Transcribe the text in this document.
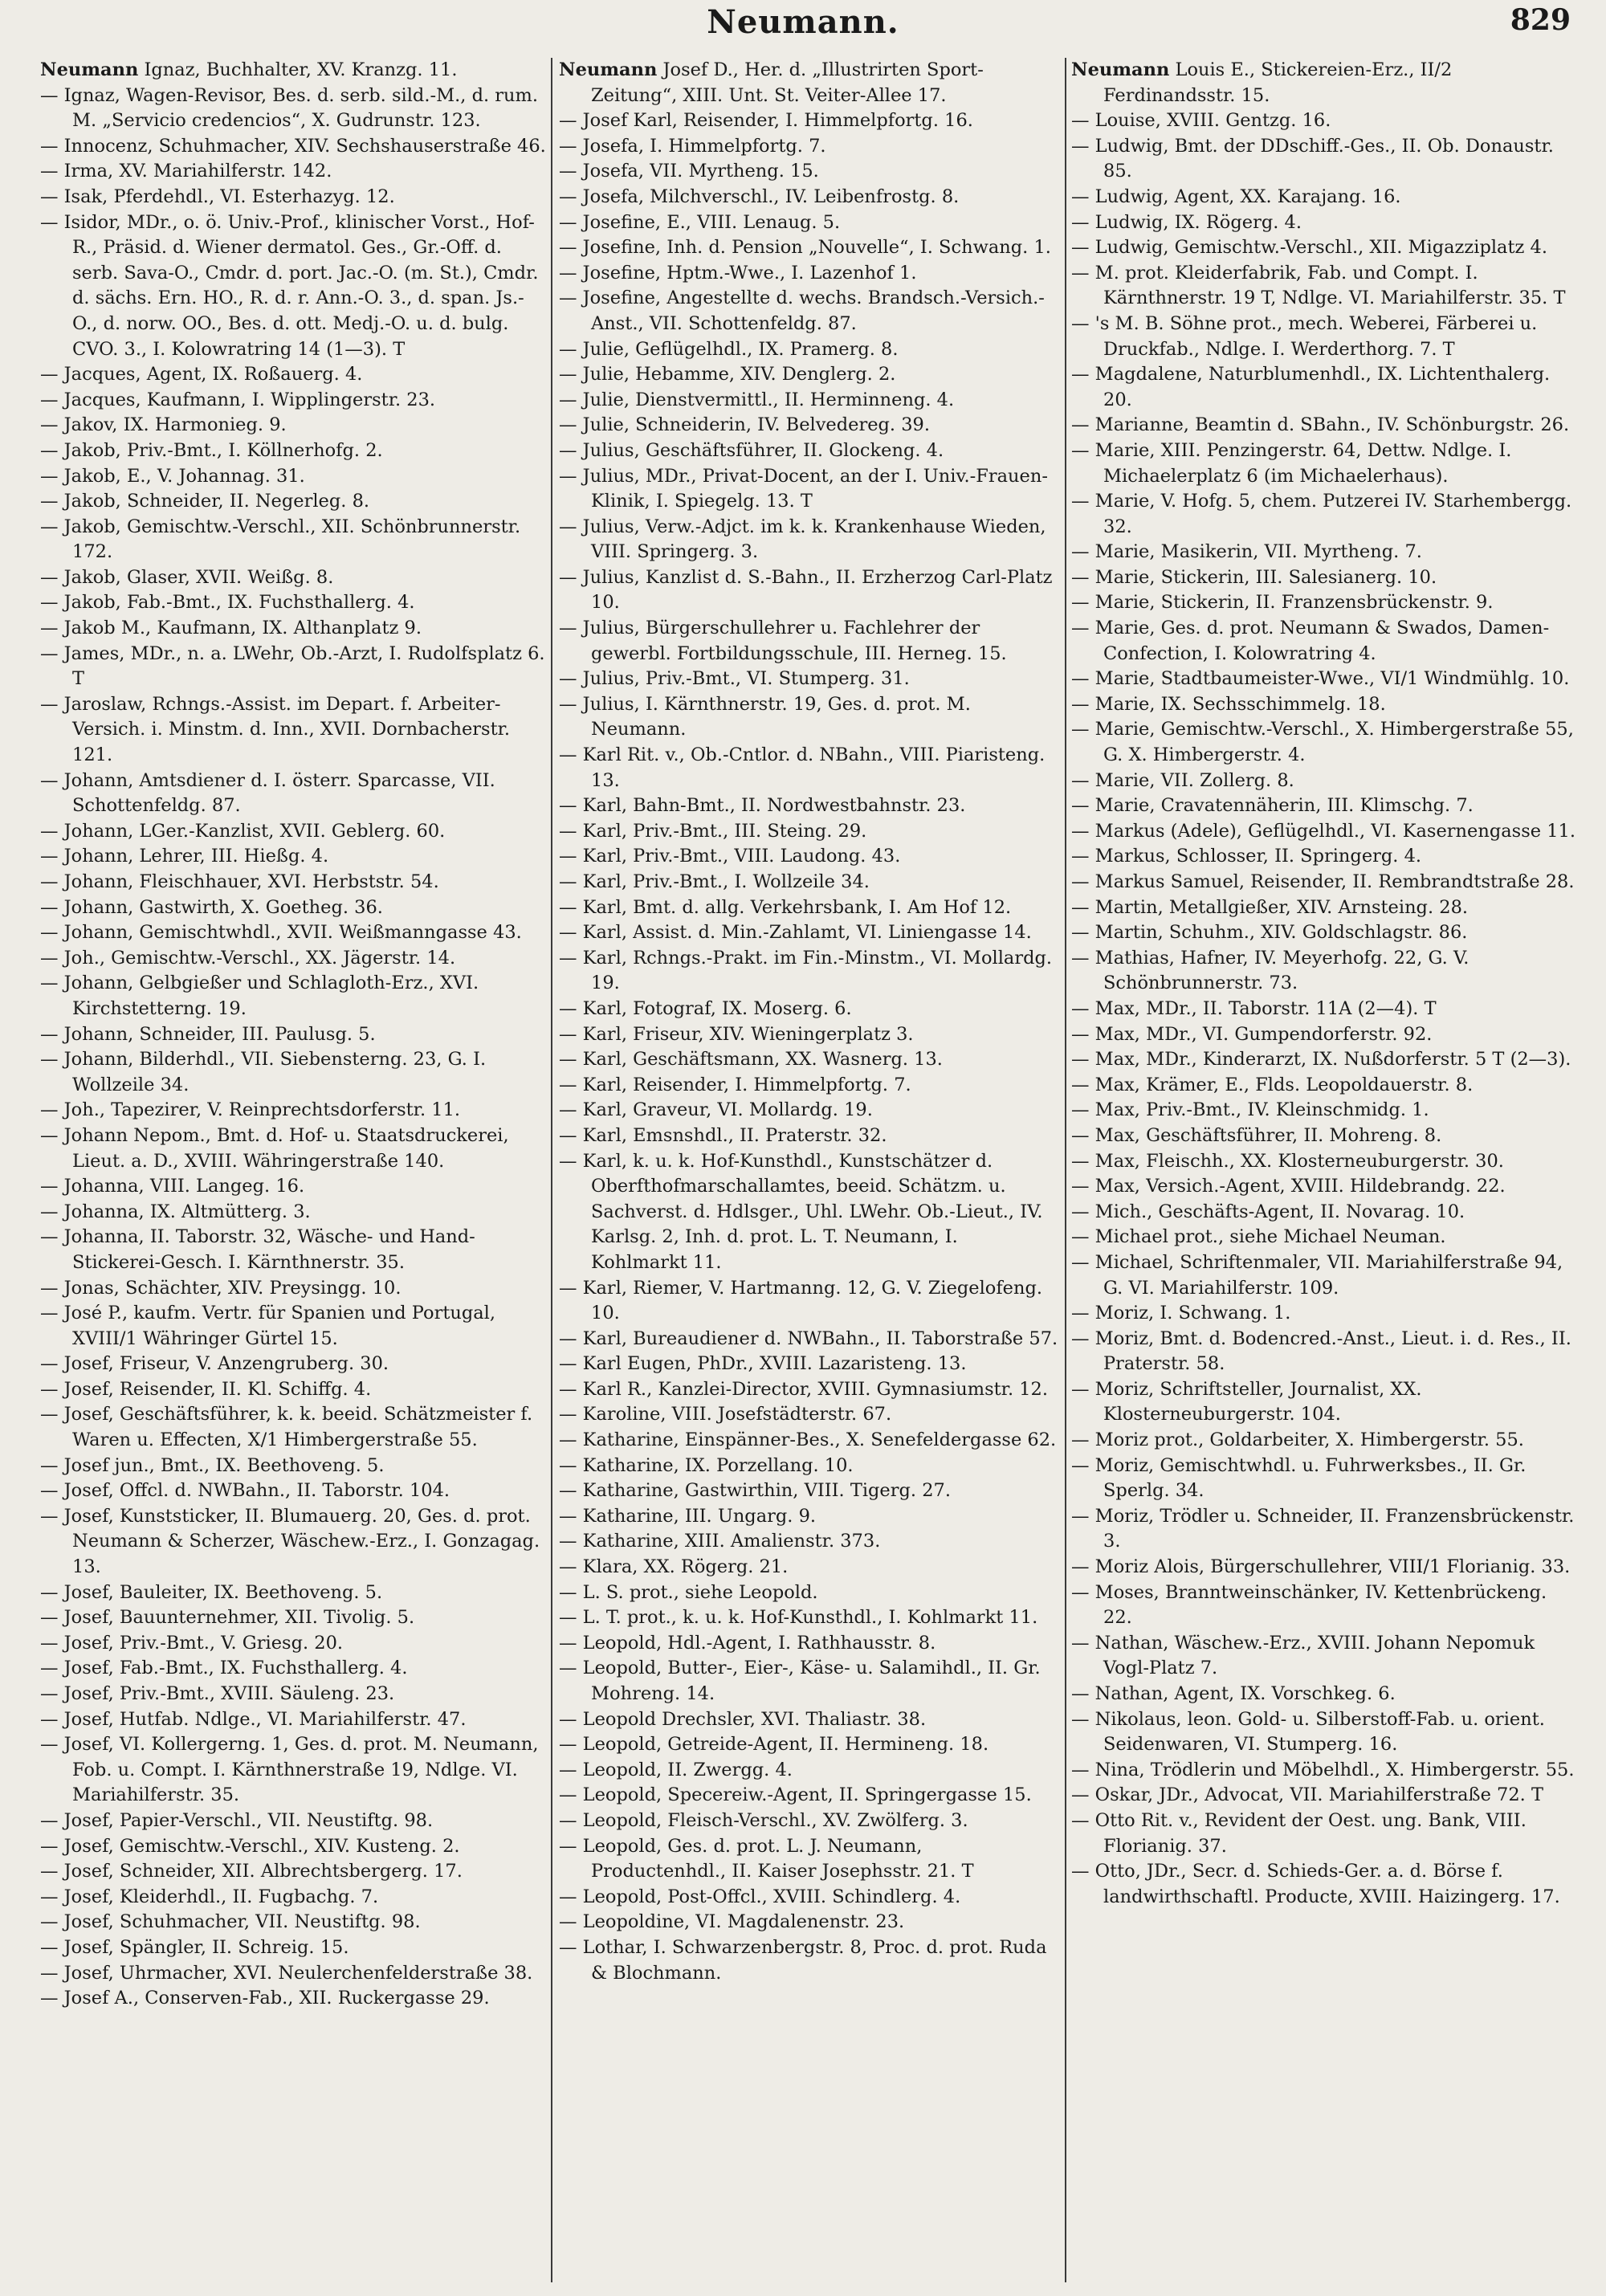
Neumann.	829
Neumann Ignaz, Buchhalter, XV. Kranzg. 11.
— Ignaz, Wagen-Revisor, Bes. d. serb. sild.-M., d. rum. M. „Servicio credencios“, X. Gudrunstr. 123.
— Innocenz, Schuhmacher, XIV. Sechshauserstraße 46.
— Irma, XV. Mariahilferstr. 142.
— Isak, Pferdehdl., VI. Esterhazyg. 12.
— Isidor, MDr., o. ö. Univ.-Prof., klinischer Vorst., Hof-R., Präsid. d. Wiener dermatol. Ges., Gr.-Off. d. serb. Sava-O., Cmdr. d. port. Jac.-O. (m. St.), Cmdr. d. sächs. Ern. HO., R. d. r. Ann.-O. 3., d. span. Js.-O., d. norw. OO., Bes. d. ott. Medj.-O. u. d. bulg. CVO. 3., I. Kolowratring 14 (1—3). T
— Jacques, Agent, IX. Roßauerg. 4.
— Jacques, Kaufmann, I. Wipplingerstr. 23.
— Jakov, IX. Harmonieg. 9.
— Jakob, Priv.-Bmt., I. Köllnerhofg. 2.
— Jakob, E., V. Johannag. 31.
— Jakob, Schneider, II. Negerleg. 8.
— Jakob, Gemischtw.-Verschl., XII. Schönbrunnerstr. 172.
— Jakob, Glaser, XVII. Weißg. 8.
— Jakob, Fab.-Bmt., IX. Fuchsthallerg. 4.
— Jakob M., Kaufmann, IX. Althanplatz 9.
— James, MDr., n. a. LWehr, Ob.-Arzt, I. Rudolfsplatz 6. T
— Jaroslaw, Rchngs.-Assist. im Depart. f. Arbeiter-Versich. i. Minstm. d. Inn., XVII. Dornbacherstr. 121.
— Johann, Amtsdiener d. I. österr. Sparcasse, VII. Schottenfeldg. 87.
— Johann, LGer.-Kanzlist, XVII. Geblerg. 60.
— Johann, Lehrer, III. Hießg. 4.
— Johann, Fleischhauer, XVI. Herbststr. 54.
— Johann, Gastwirth, X. Goetheg. 36.
— Johann, Gemischtwhdl., XVII. Weißmanngasse 43.
— Joh., Gemischtw.-Verschl., XX. Jägerstr. 14.
— Johann, Gelbgießer und Schlagloth-Erz., XVI. Kirchstetterng. 19.
— Johann, Schneider, III. Paulusg. 5.
— Johann, Bilderhdl., VII. Siebensterng. 23, G. I. Wollzeile 34.
— Joh., Tapezirer, V. Reinprechtsdorferstr. 11.
— Johann Nepom., Bmt. d. Hof- u. Staatsdruckerei, Lieut. a. D., XVIII. Währingerstraße 140.
— Johanna, VIII. Langeg. 16.
— Johanna, IX. Altmütterg. 3.
— Johanna, II. Taborstr. 32, Wäsche- und Hand-Stickerei-Gesch. I. Kärnthnerstr. 35.
— Jonas, Schächter, XIV. Preysingg. 10.
— José P., kaufm. Vertr. für Spanien und Portugal, XVIII/1 Währinger Gürtel 15.
— Josef, Friseur, V. Anzengruberg. 30.
— Josef, Reisender, II. Kl. Schiffg. 4.
— Josef, Geschäftsführer, k. k. beeid. Schätzmeister f. Waren u. Effecten, X/1 Himbergerstraße 55.
— Josef jun., Bmt., IX. Beethoveng. 5.
— Josef, Offcl. d. NWBahn., II. Taborstr. 104.
— Josef, Kunststicker, II. Blumauerg. 20, Ges. d. prot. Neumann & Scherzer, Wäschew.-Erz., I. Gonzagag. 13.
— Josef, Bauleiter, IX. Beethoveng. 5.
— Josef, Bauunternehmer, XII. Tivolig. 5.
— Josef, Priv.-Bmt., V. Griesg. 20.
— Josef, Fab.-Bmt., IX. Fuchsthallerg. 4.
— Josef, Priv.-Bmt., XVIII. Säuleng. 23.
— Josef, Hutfab. Ndlge., VI. Mariahilferstr. 47.
— Josef, VI. Kollergerng. 1, Ges. d. prot. M. Neumann, Fob. u. Compt. I. Kärnthnerstraße 19, Ndlge. VI. Mariahilferstr. 35.
— Josef, Papier-Verschl., VII. Neustiftg. 98.
— Josef, Gemischtw.-Verschl., XIV. Kusteng. 2.
— Josef, Schneider, XII. Albrechtsbergerg. 17.
— Josef, Kleiderhdl., II. Fugbachg. 7.
— Josef, Schuhmacher, VII. Neustiftg. 98.
— Josef, Spängler, II. Schreig. 15.
— Josef, Uhrmacher, XVI. Neulerchenfelderstraße 38.
— Josef A., Conserven-Fab., XII. Ruckergasse 29.
Neumann Josef D., Her. d. „Illustrirten Sport-Zeitung“, XIII. Unt. St. Veiter-Allee 17.
— Josef Karl, Reisender, I. Himmelpfortg. 16.
— Josefa, I. Himmelpfortg. 7.
— Josefa, VII. Myrtheng. 15.
— Josefa, Milchverschl., IV. Leibenfrostg. 8.
— Josefine, E., VIII. Lenaug. 5.
— Josefine, Inh. d. Pension „Nouvelle“, I. Schwang. 1.
— Josefine, Hptm.-Wwe., I. Lazenhof 1.
— Josefine, Angestellte d. wechs. Brandsch.-Versich.-Anst., VII. Schottenfeldg. 87.
— Julie, Geflügelhdl., IX. Pramerg. 8.
— Julie, Hebamme, XIV. Denglerg. 2.
— Julie, Dienstvermittl., II. Herminneng. 4.
— Julie, Schneiderin, IV. Belvedereg. 39.
— Julius, Geschäftsführer, II. Glockeng. 4.
— Julius, MDr., Privat-Docent, an der I. Univ.-Frauen-Klinik, I. Spiegelg. 13. T
— Julius, Verw.-Adjct. im k. k. Krankenhause Wieden, VIII. Springerg. 3.
— Julius, Kanzlist d. S.-Bahn., II. Erzherzog Carl-Platz 10.
— Julius, Bürgerschullehrer u. Fachlehrer der gewerbl. Fortbildungsschule, III. Herneg. 15.
— Julius, Priv.-Bmt., VI. Stumperg. 31.
— Julius, I. Kärnthnerstr. 19, Ges. d. prot. M. Neumann.
— Karl Rit. v., Ob.-Cntlor. d. NBahn., VIII. Piaristeng. 13.
— Karl, Bahn-Bmt., II. Nordwestbahnstr. 23.
— Karl, Priv.-Bmt., III. Steing. 29.
— Karl, Priv.-Bmt., VIII. Laudong. 43.
— Karl, Priv.-Bmt., I. Wollzeile 34.
— Karl, Bmt. d. allg. Verkehrsbank, I. Am Hof 12.
— Karl, Assist. d. Min.-Zahlamt, VI. Liniengasse 14.
— Karl, Rchngs.-Prakt. im Fin.-Minstm., VI. Mollardg. 19.
— Karl, Fotograf, IX. Moserg. 6.
— Karl, Friseur, XIV. Wieningerplatz 3.
— Karl, Geschäftsmann, XX. Wasnerg. 13.
— Karl, Reisender, I. Himmelpfortg. 7.
— Karl, Graveur, VI. Mollardg. 19.
— Karl, Emsnshdl., II. Praterstr. 32.
— Karl, k. u. k. Hof-Kunsthdl., Kunstschätzer d. Oberfthofmarschallamtes, beeid. Schätzm. u. Sachverst. d. Hdlsger., Uhl. LWehr. Ob.-Lieut., IV. Karlsg. 2, Inh. d. prot. L. T. Neumann, I. Kohlmarkt 11.
— Karl, Riemer, V. Hartmanng. 12, G. V. Ziegelofeng. 10.
— Karl, Bureaudiener d. NWBahn., II. Taborstraße 57.
— Karl Eugen, PhDr., XVIII. Lazaristeng. 13.
— Karl R., Kanzlei-Director, XVIII. Gymnasiumstr. 12.
— Karoline, VIII. Josefstädterstr. 67.
— Katharine, Einspänner-Bes., X. Senefeldergasse 62.
— Katharine, IX. Porzellang. 10.
— Katharine, Gastwirthin, VIII. Tigerg. 27.
— Katharine, III. Ungarg. 9.
— Katharine, XIII. Amalienstr. 373.
— Klara, XX. Rögerg. 21.
— L. S. prot., siehe Leopold.
— L. T. prot., k. u. k. Hof-Kunsthdl., I. Kohlmarkt 11.
— Leopold, Hdl.-Agent, I. Rathhausstr. 8.
— Leopold, Butter-, Eier-, Käse- u. Salamihdl., II. Gr. Mohreng. 14.
— Leopold Drechsler, XVI. Thaliastr. 38.
— Leopold, Getreide-Agent, II. Hermineng. 18.
— Leopold, II. Zwergg. 4.
— Leopold, Specereiw.-Agent, II. Springergasse 15.
— Leopold, Fleisch-Verschl., XV. Zwölferg. 3.
— Leopold, Ges. d. prot. L. J. Neumann, Productenhdl., II. Kaiser Josephsstr. 21. T
— Leopold, Post-Offcl., XVIII. Schindlerg. 4.
— Leopoldine, VI. Magdalenenstr. 23.
— Lothar, I. Schwarzenbergstr. 8, Proc. d. prot. Ruda & Blochmann.
Neumann Louis E., Stickereien-Erz., II/2 Ferdinandsstr. 15.
— Louise, XVIII. Gentzg. 16.
— Ludwig, Bmt. der DDschiff.-Ges., II. Ob. Donaustr. 85.
— Ludwig, Agent, XX. Karajang. 16.
— Ludwig, IX. Rögerg. 4.
— Ludwig, Gemischtw.-Verschl., XII. Migazziplatz 4.
— M. prot. Kleiderfabrik, Fab. und Compt. I. Kärnthnerstr. 19 T, Ndlge. VI. Mariahilferstr. 35. T
— 's M. B. Söhne prot., mech. Weberei, Färberei u. Druckfab., Ndlge. I. Werderthorg. 7. T
— Magdalene, Naturblumenhdl., IX. Lichtenthalerg. 20.
— Marianne, Beamtin d. SBahn., IV. Schönburgstr. 26.
— Marie, XIII. Penzingerstr. 64, Dettw. Ndlge. I. Michaelerplatz 6 (im Michaelerhaus).
— Marie, V. Hofg. 5, chem. Putzerei IV. Starhembergg. 32.
— Marie, Masikerin, VII. Myrtheng. 7.
— Marie, Stickerin, III. Salesianerg. 10.
— Marie, Stickerin, II. Franzensbrückenstr. 9.
— Marie, Ges. d. prot. Neumann & Swados, Damen-Confection, I. Kolowratring 4.
— Marie, Stadtbaumeister-Wwe., VI/1 Windmühlg. 10.
— Marie, IX. Sechsschimmelg. 18.
— Marie, Gemischtw.-Verschl., X. Himbergerstraße 55, G. X. Himbergerstr. 4.
— Marie, VII. Zollerg. 8.
— Marie, Cravatennäherin, III. Klimschg. 7.
— Markus (Adele), Geflügelhdl., VI. Kasernengasse 11.
— Markus, Schlosser, II. Springerg. 4.
— Markus Samuel, Reisender, II. Rembrandtstraße 28.
— Martin, Metallgießer, XIV. Arnsteing. 28.
— Martin, Schuhm., XIV. Goldschlagstr. 86.
— Mathias, Hafner, IV. Meyerhofg. 22, G. V. Schönbrunnerstr. 73.
— Max, MDr., II. Taborstr. 11A (2—4). T
— Max, MDr., VI. Gumpendorferstr. 92.
— Max, MDr., Kinderarzt, IX. Nußdorferstr. 5 T (2—3).
— Max, Krämer, E., Flds. Leopoldauerstr. 8.
— Max, Priv.-Bmt., IV. Kleinschmidg. 1.
— Max, Geschäftsführer, II. Mohreng. 8.
— Max, Fleischh., XX. Klosterneuburgerstr. 30.
— Max, Versich.-Agent, XVIII. Hildebrandg. 22.
— Mich., Geschäfts-Agent, II. Novarag. 10.
— Michael prot., siehe Michael Neuman.
— Michael, Schriftenmaler, VII. Mariahilferstraße 94, G. VI. Mariahilferstr. 109.
— Moriz, I. Schwang. 1.
— Moriz, Bmt. d. Bodencred.-Anst., Lieut. i. d. Res., II. Praterstr. 58.
— Moriz, Schriftsteller, Journalist, XX. Klosterneuburgerstr. 104.
— Moriz prot., Goldarbeiter, X. Himbergerstr. 55.
— Moriz, Gemischtwhdl. u. Fuhrwerksbes., II. Gr. Sperlg. 34.
— Moriz, Trödler u. Schneider, II. Franzensbrückenstr. 3.
— Moriz Alois, Bürgerschullehrer, VIII/1 Florianig. 33.
— Moses, Branntweinschänker, IV. Kettenbrückeng. 22.
— Nathan, Wäschew.-Erz., XVIII. Johann Nepomuk Vogl-Platz 7.
— Nathan, Agent, IX. Vorschkeg. 6.
— Nikolaus, leon. Gold- u. Silberstoff-Fab. u. orient. Seidenwaren, VI. Stumperg. 16.
— Nina, Trödlerin und Möbelhdl., X. Himbergerstr. 55.
— Oskar, JDr., Advocat, VII. Mariahilferstraße 72. T
— Otto Rit. v., Revident der Oest. ung. Bank, VIII. Florianig. 37.
— Otto, JDr., Secr. d. Schieds-Ger. a. d. Börse f. landwirthschaftl. Producte, XVIII. Haizingerg. 17.
